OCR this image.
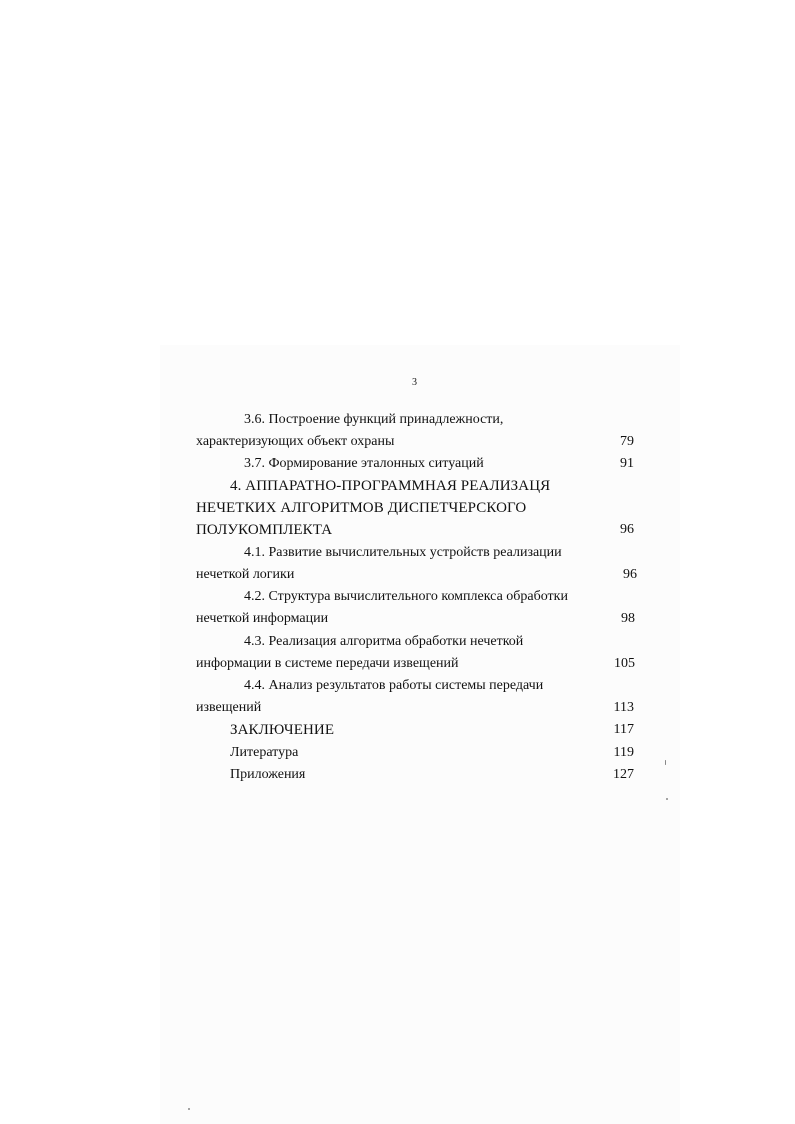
3
3.6. Построение функций принадлежности,
характеризующих объект охраны	79
3.7. Формирование эталонных ситуаций	91
4. АППАРАТНО-ПРОГРАММНАЯ РЕАЛИЗАЦЯ
НЕЧЕТКИХ АЛГОРИТМОВ ДИСПЕТЧЕРСКОГО
ПОЛУКОМПЛЕКТА	96
4.1. Развитие вычислительных устройств реализации
нечеткой логики	96
4.2. Структура вычислительного комплекса обработки
нечеткой информации	98
4.3. Реализация алгоритма обработки нечеткой
информации в системе передачи извещений	105
4.4. Анализ результатов работы системы передачи
извещений	113
ЗАКЛЮЧЕНИЕ	117
Литература	119
Приложения	127
